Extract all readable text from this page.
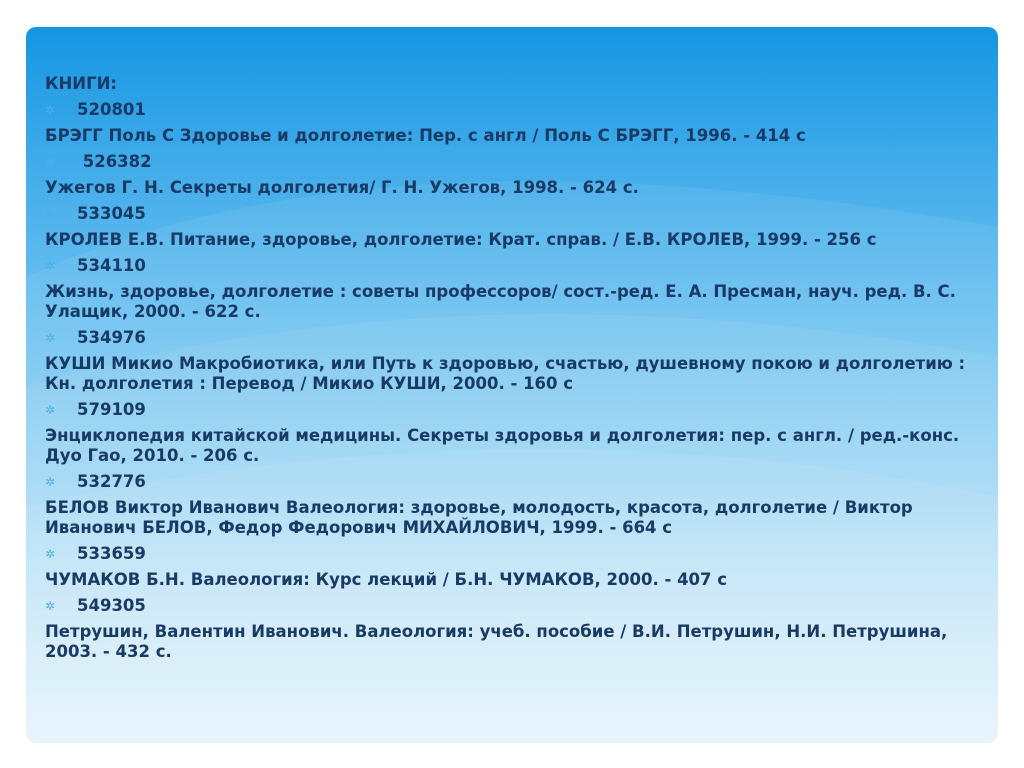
КНИГИ:
✲	520801
БРЭГГ Поль С Здоровье и долголетие: Пер. с англ / Поль С БРЭГГ, 1996. - 414 с
✲	526382
Ужегов Г. Н. Секреты долголетия/ Г. Н. Ужегов, 1998. - 624 с.
✲	533045
КРОЛЕВ Е.В. Питание, здоровье, долголетие: Крат. справ. / Е.В. КРОЛЕВ, 1999. - 256 с
✲	534110
Жизнь, здоровье, долголетие : советы профессоров/ сост.-ред. Е. А. Пресман, науч. ред. В. С. Улащик, 2000. - 622 с.
✲	534976
КУШИ Микио Макробиотика, или Путь к здоровью, счастью, душевному покою и долголетию : Кн. долголетия : Перевод / Микио КУШИ, 2000. - 160 с
✲	579109
Энциклопедия китайской медицины. Секреты здоровья и долголетия: пер. с англ. / ред.-конс. Дуо Гао, 2010. - 206 с.
✲	532776
БЕЛОВ Виктор Иванович Валеология: здоровье, молодость, красота, долголетие / Виктор Иванович БЕЛОВ, Федор Федорович МИХАЙЛОВИЧ, 1999. - 664 с
✲	533659
ЧУМАКОВ Б.Н. Валеология: Курс лекций / Б.Н. ЧУМАКОВ, 2000. - 407 с
✲	549305
Петрушин, Валентин Иванович. Валеология: учеб. пособие / В.И. Петрушин, Н.И. Петрушина, 2003. - 432 с.
